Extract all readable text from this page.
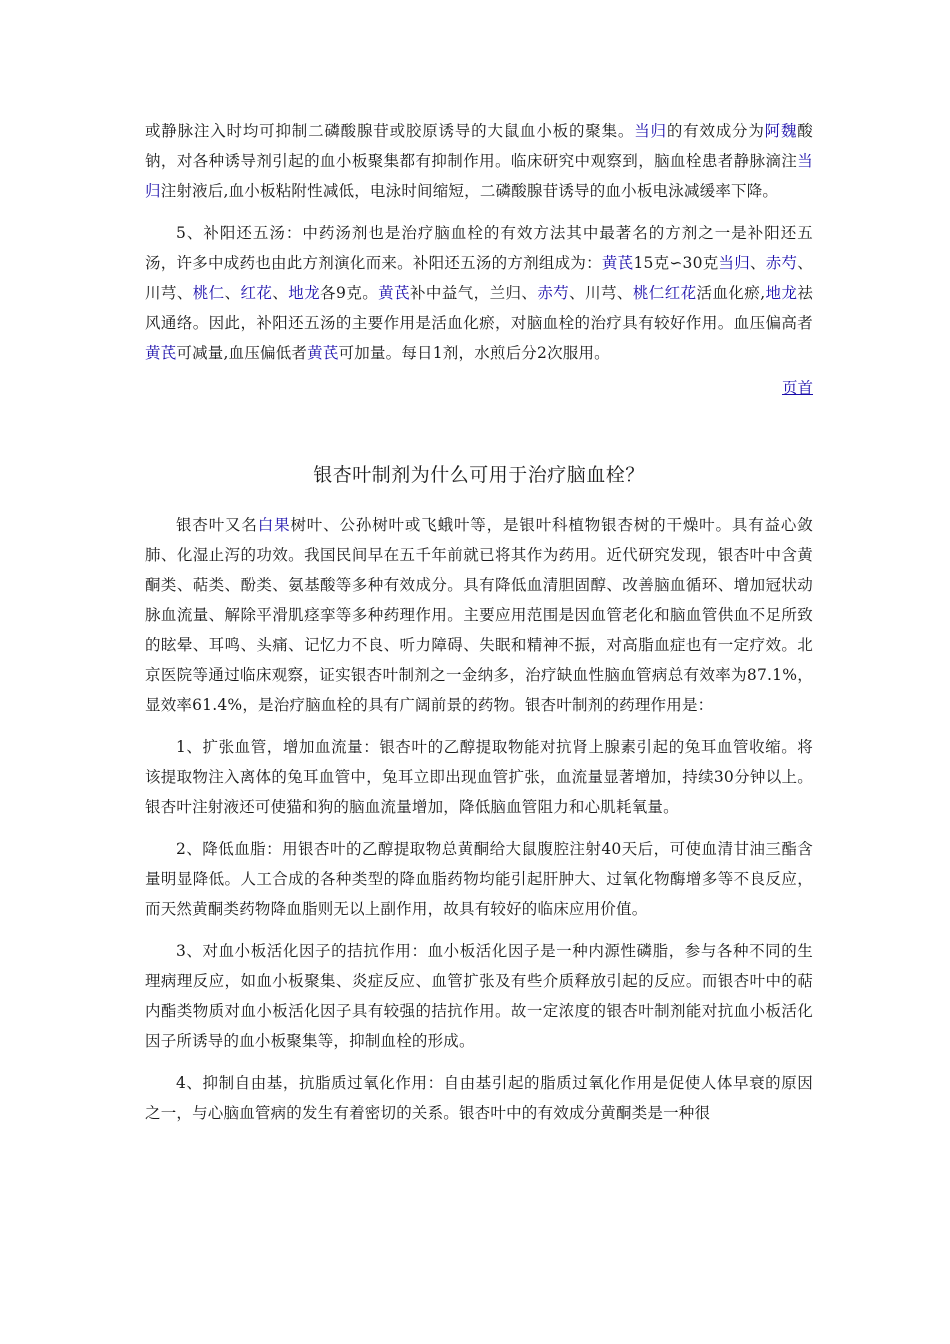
或静脉注入时均可抑制二磷酸腺苷或胶原诱导的大鼠血小板的聚集。当归的有效成分为阿魏酸钠，对各种诱导剂引起的血小板聚集都有抑制作用。临床研究中观察到，脑血栓患者静脉滴注当归注射液后,血小板粘附性减低，电泳时间缩短，二磷酸腺苷诱导的血小板电泳减缓率下降。

5、补阳还五汤：中药汤剂也是治疗脑血栓的有效方法其中最著名的方剂之一是补阳还五汤，许多中成药也由此方剂演化而来。补阳还五汤的方剂组成为：黄芪15克∽30克当归、赤芍、川芎、桃仁、红花、地龙各9克。黄芪补中益气，兰归、赤芍、川芎、桃仁红花活血化瘀,地龙祛风通络。因此，补阳还五汤的主要作用是活血化瘀，对脑血栓的治疗具有较好作用。血压偏高者黄芪可减量,血压偏低者黄芪可加量。每日1剂，水煎后分2次服用。

页首
银杏叶制剂为什么可用于治疗脑血栓？

银杏叶又名白果树叶、公孙树叶或飞蛾叶等，是银叶科植物银杏树的干燥叶。具有益心敛肺、化湿止泻的功效。我国民间早在五千年前就已将其作为药用。近代研究发现，银杏叶中含黄酮类、萜类、酚类、氨基酸等多种有效成分。具有降低血清胆固醇、改善脑血循环、增加冠状动脉血流量、解除平滑肌痉挛等多种药理作用。主要应用范围是因血管老化和脑血管供血不足所致的眩晕、耳鸣、头痛、记忆力不良、听力障碍、失眠和精神不振，对高脂血症也有一定疗效。北京医院等通过临床观察，证实银杏叶制剂之一金纳多，治疗缺血性脑血管病总有效率为87.1%，显效率61.4%，是治疗脑血栓的具有广阔前景的药物。银杏叶制剂的药理作用是：

1、扩张血管，增加血流量：银杏叶的乙醇提取物能对抗肾上腺素引起的兔耳血管收缩。将该提取物注入离体的兔耳血管中，兔耳立即出现血管扩张，血流量显著增加，持续30分钟以上。银杏叶注射液还可使猫和狗的脑血流量增加，降低脑血管阻力和心肌耗氧量。

2、降低血脂：用银杏叶的乙醇提取物总黄酮给大鼠腹腔注射40天后，可使血清甘油三酯含量明显降低。人工合成的各种类型的降血脂药物均能引起肝肿大、过氧化物酶增多等不良反应，而天然黄酮类药物降血脂则无以上副作用，故具有较好的临床应用价值。

3、对血小板活化因子的拮抗作用：血小板活化因子是一种内源性磷脂，参与各种不同的生理病理反应，如血小板聚集、炎症反应、血管扩张及有些介质释放引起的反应。而银杏叶中的萜内酯类物质对血小板活化因子具有较强的拮抗作用。故一定浓度的银杏叶制剂能对抗血小板活化因子所诱导的血小板聚集等，抑制血栓的形成。

4、抑制自由基，抗脂质过氧化作用：自由基引起的脂质过氧化作用是促使人体早衰的原因之一，与心脑血管病的发生有着密切的关系。银杏叶中的有效成分黄酮类是一种很
